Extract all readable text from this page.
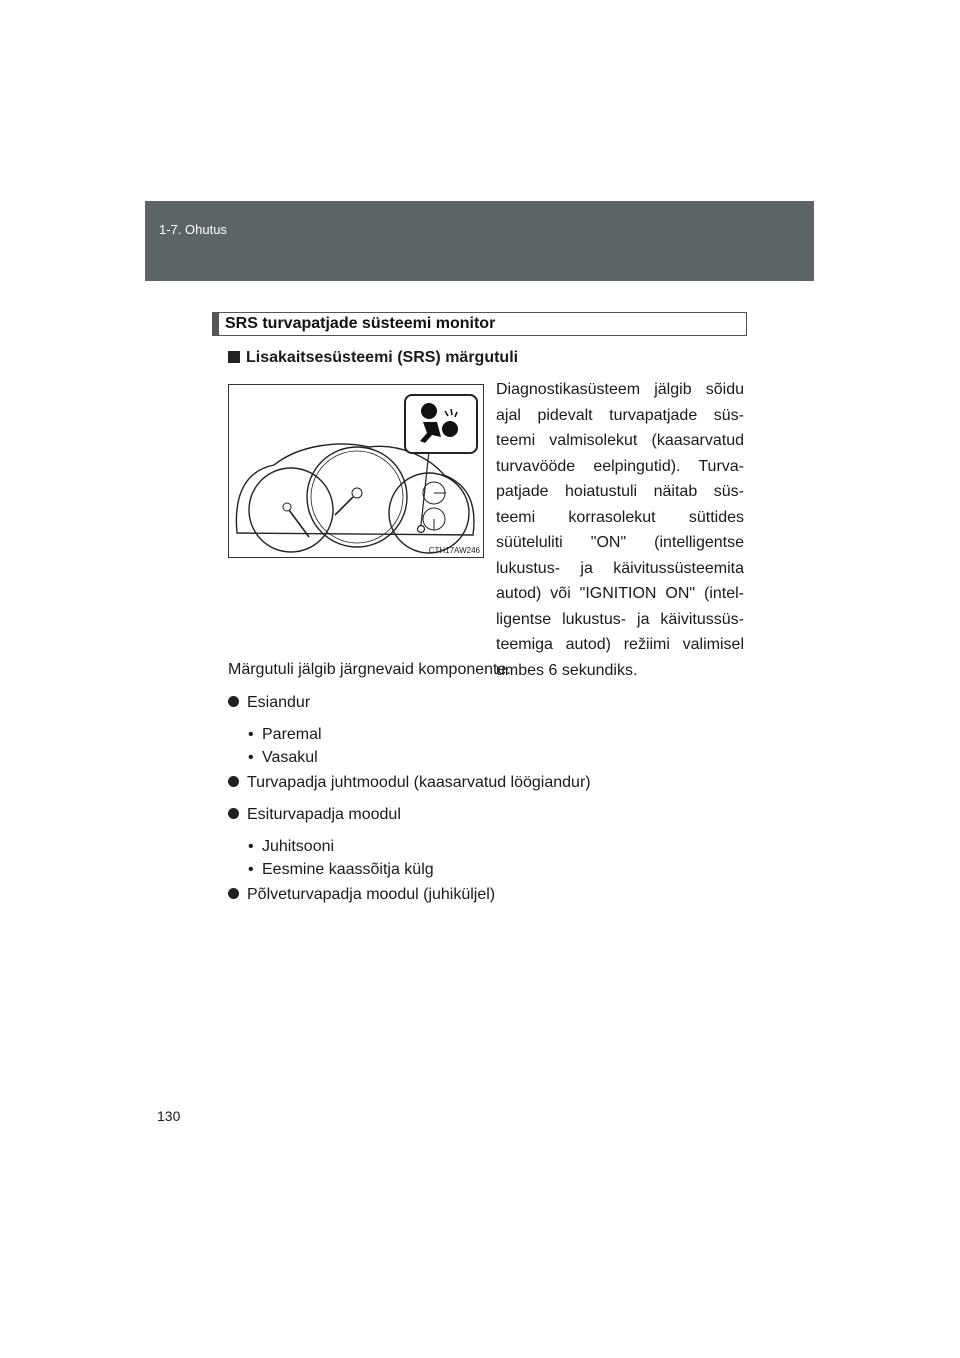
1-7. Ohutus
SRS turvapatjade süsteemi monitor
Lisakaitsesüsteemi (SRS) märgutuli
CTH17AW246
Diagnostikasüsteem jälgib sõidu ajal pidevalt turvapatjade süs-teemi valmisolekut (kaasarvatud turvavööde eelpingutid). Turva-patjade hoiatustuli näitab süs-teemi korrasolekut süttides süüteluliti "ON" (intelligentse lukustus- ja käivitussüsteemita autod) või "IGNITION ON" (intel-ligentse lukustus- ja käivitussüs-teemiga autod) režiimi valimisel umbes 6 sekundiks.
Märgutuli jälgib järgnevaid komponente.
Esiandur
• Paremal
• Vasakul
Turvapadja juhtmoodul (kaasarvatud löögiandur)
Esiturvapadja moodul
• Juhitsooni
• Eesmine kaassõitja külg
Põlveturvapadja moodul (juhiküljel)
130
